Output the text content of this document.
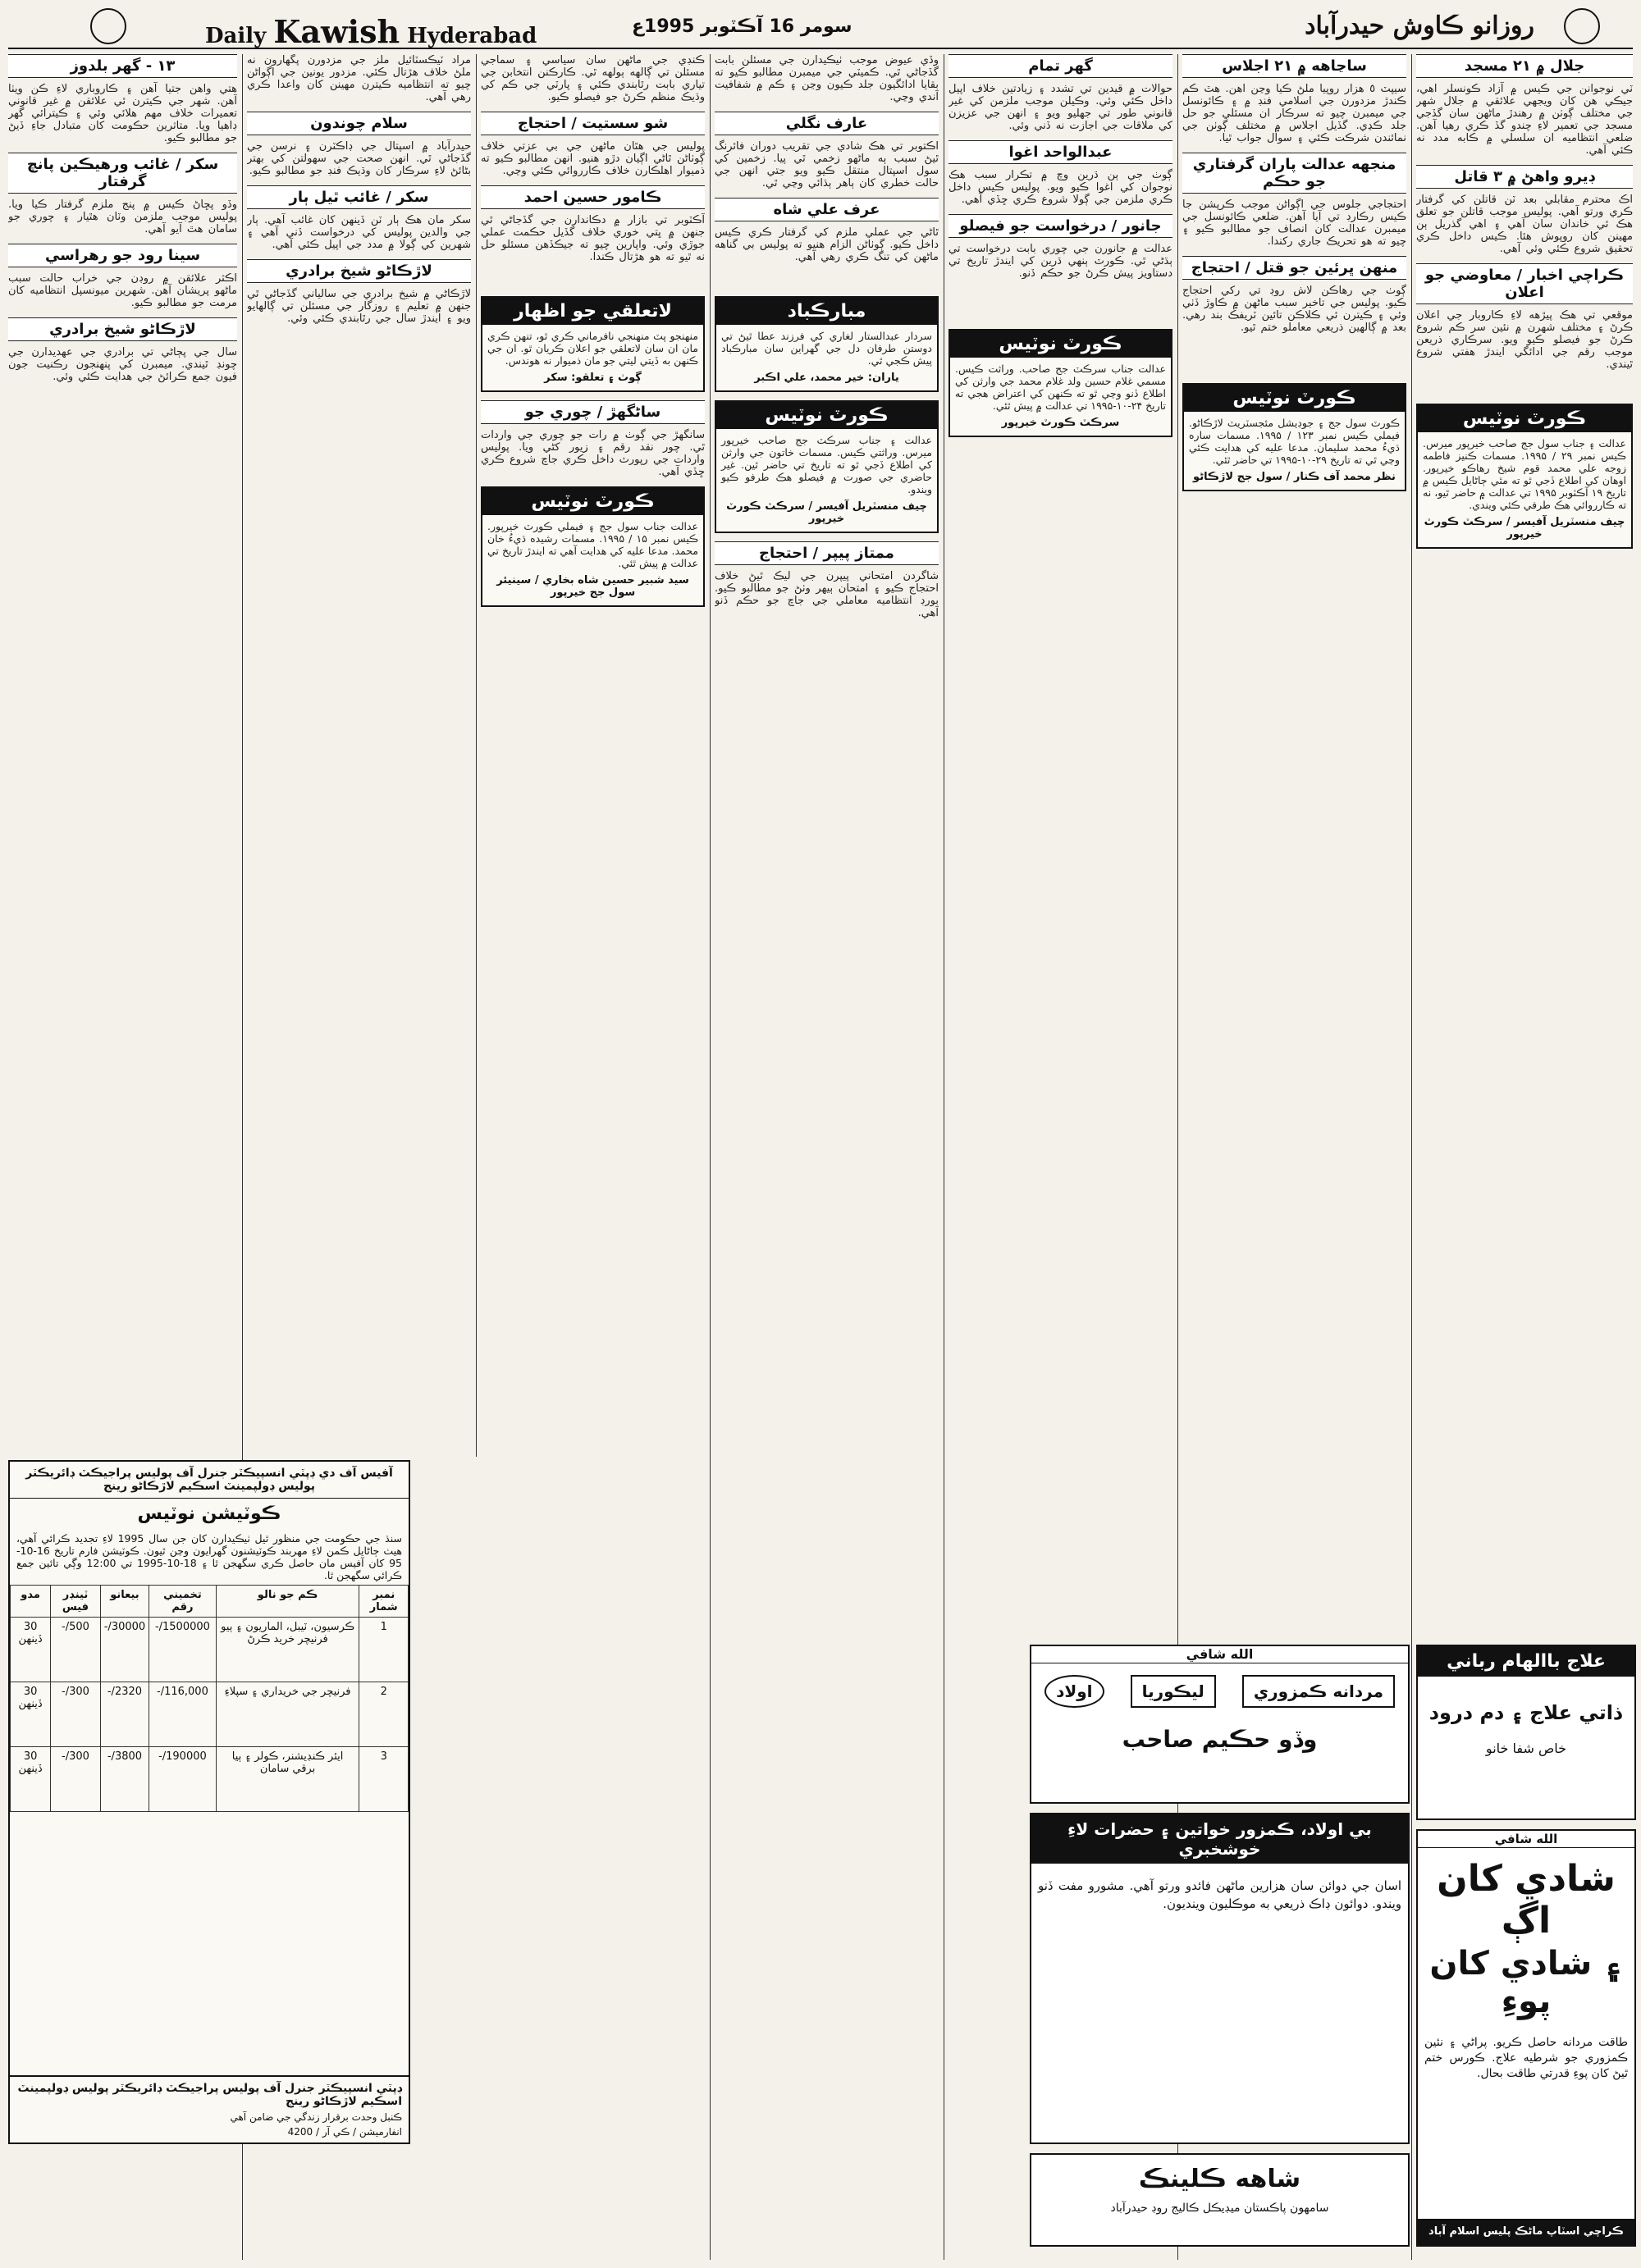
Daily Kawish Hyderabad	سومر 16 آڪٽوبر 1995ع	روزانو ڪاوش حيدرآباد
جلال ۾ ۲۱ مسجد

ٽي نوجوانن جي ڪيس ۾ آزاد ڪونسلر اهي، جيڪي هن کان ويجهي علائقي ۾ جلال شهر جي مختلف ڳوٺن ۾ رهندڙ ماڻهن سان گڏجي مسجد جي تعمير لاءِ چندو گڏ ڪري رهيا آهن. ضلعي انتظاميه ان سلسلي ۾ ڪابه مدد نه ڪئي آهي.

ڊيرو واهڻ ۾ ۳ قاتل

اڪ محترم مقابلي بعد ٽن قاتلن کي گرفتار ڪري ورتو آهي. پوليس موجب قاتلن جو تعلق هڪ ئي خاندان سان آهي ۽ اهي گذريل ٻن مهينن کان روپوش هئا. ڪيس داخل ڪري تحقيق شروع ڪئي وئي آهي.

ڪراچي اخبار / معاوضي جو اعلان

موقعي تي هڪ پيڙهه لاءِ ڪاروبار جي اعلان ڪرڻ ۽ مختلف شهرن ۾ نئين سر ڪم شروع ڪرڻ جو فيصلو ڪيو ويو. سرڪاري ذريعن موجب رقم جي ادائگي ايندڙ هفتي شروع ٿيندي.

ڪورٽ نوٽيس

عدالت ۽ جناب سول جج صاحب خيرپور ميرس. ڪيس نمبر ۲۹ / ۱۹۹۵. مسمات ڪنيز فاطمه زوجه علي محمد قوم شيخ رهاڪو خيرپور. اوهان کي اطلاع ڏجي ٿو ته مٿي ڄاڻايل ڪيس ۾ تاريخ ۱۹ آڪٽوبر ۱۹۹۵ تي عدالت ۾ حاضر ٿيو، نه ته ڪارروائي هڪ طرفي ڪئي ويندي.

چيف منسٽريل آفيسر / سرڪٽ ڪورٽ خيرپور
علاج باالهام رباني
ذاتي علاج ۽ دم درود
خاص شفا خانو
الله شافي
شادي کان اڳ
۽ شادي کان پوءِ
طاقت مردانه حاصل ڪريو. پراڻي ۽ نئين ڪمزوري جو شرطيه علاج. ڪورس ختم ٿيڻ کان پوءِ قدرتي طاقت بحال.
ڪراچي اسٽاپ ماڻڪ پليس اسلام آباد
ساڃاهه ۾ ۲۱ اجلاس

سيپٽ ٥ هزار روپيا ملڻ ڪيا وڃن اهن. هٿ ڪم ڪندڙ مزدورن جي اسلامي فنڊ ۾ ۽ ڪائونسل جي ميمبرن چيو ته سرڪار ان مسئلي جو حل جلد ڪڍي. گڏيل اجلاس ۾ مختلف ڳوٺن جي نمائندن شرڪت ڪئي ۽ سوال جواب ٿيا.

منجهه عدالت پاران گرفتاري جو حڪم

احتجاجي جلوس جي اڳواڻن موجب ڪرپشن جا ڪيس رڪارڊ تي آيا آهن. ضلعي ڪائونسل جي ميمبرن عدالت کان انصاف جو مطالبو ڪيو ۽ چيو ته هو تحريڪ جاري رکندا.

منهن ڀرئين جو قتل / احتجاج

ڳوٺ جي رهاڪن لاش روڊ تي رکي احتجاج ڪيو. پوليس جي تاخير سبب ماڻهن ۾ ڪاوڙ ڏٺي وئي ۽ ڪيترن ئي ڪلاڪن تائين ٽريفڪ بند رهي. بعد ۾ ڳالهين ذريعي معاملو ختم ٿيو.

ڪورٽ نوٽيس

ڪورٽ سول جج ۽ جوڊيشل مئجسٽريٽ لاڙڪاڻو. فيملي ڪيس نمبر ۱۲۳ / ۱۹۹۵. مسمات ساره ڌيءُ محمد سليمان. مدعا عليه کي هدايت ڪئي وڃي ٿي ته تاريخ ۲۹-۱۰-۱۹۹۵ تي حاضر ٿئي.

نظر محمد آف ڪنار / سول جج لاڙڪاڻو
الله شافي
مردانه ڪمزوري
ليڪوريا
اولاد
وڏو حڪيم صاحب
بي اولاد، ڪمزور خواتين ۽ حضرات لاءِ خوشخبري
اسان جي دوائن سان هزارين ماڻهن فائدو ورتو آهي. مشورو مفت ڏنو ويندو. دوائون ڊاڪ ذريعي به موڪليون وينديون.
شاهه ڪلينڪ
سامهون پاڪستان ميڊيڪل ڪاليج روڊ حيدرآباد
گهر تمام

حوالات ۾ قيدين تي تشدد ۽ زيادتين خلاف اپيل داخل ڪئي وئي. وڪيلن موجب ملزمن کي غير قانوني طور تي جهليو ويو ۽ انهن جي عزيزن کي ملاقات جي اجازت نه ڏني وئي.

عبدالواحد اغوا

ڳوٺ جي ٻن ڌرين وچ ۾ تڪرار سبب هڪ نوجوان کي اغوا ڪيو ويو. پوليس ڪيس داخل ڪري ملزمن جي ڳولا شروع ڪري ڇڏي آهي.

جانور / درخواست جو فيصلو

عدالت ۾ جانورن جي چوري بابت درخواست تي ٻڌڻي ٿي. ڪورٽ ٻنهي ڌرين کي ايندڙ تاريخ تي دستاويز پيش ڪرڻ جو حڪم ڏنو.

ڪورٽ نوٽيس

عدالت جناب سرڪٽ جج صاحب. وراثت ڪيس. مسمي غلام حسين ولد غلام محمد جي وارثن کي اطلاع ڏنو وڃي ٿو ته ڪنهن کي اعتراض هجي ته تاريخ ۲۴-۱۰-۱۹۹۵ تي عدالت ۾ پيش ٿئي.

سرڪٽ ڪورٽ خيرپور

وڏي عيوض موجب ٺيڪيدارن جي مسئلن بابت گڏجاڻي ٿي. ڪميٽي جي ميمبرن مطالبو ڪيو ته بقايا ادائگيون جلد ڪيون وڃن ۽ ڪم ۾ شفافيت آندي وڃي.

عارف نگلي

اڪتوبر تي هڪ شادي جي تقريب دوران فائرنگ ٿيڻ سبب ٻه ماڻهو زخمي ٿي پيا. زخمين کي سول اسپتال منتقل ڪيو ويو جتي انهن جي حالت خطري کان ٻاهر ٻڌائي وڃي ٿي.

عرف علي شاه

ٿاڻي جي عملي ملزم کي گرفتار ڪري ڪيس داخل ڪيو. ڳوٺاڻن الزام هنيو ته پوليس بي گناهه ماڻهن کي تنگ ڪري رهي آهي.

مبارڪباد

سردار عبدالستار لغاري کي فرزند عطا ٿيڻ تي دوستن طرفان دل جي گهراين سان مبارڪباد پيش ڪجي ٿي.

ياران: خير محمد، علي اڪبر
ڪورٽ نوٽيس

عدالت ۽ جناب سرڪٽ جج صاحب خيرپور ميرس. وراثتي ڪيس. مسمات خاتون جي وارثن کي اطلاع ڏجي ٿو ته تاريخ تي حاضر ٿين. غير حاضري جي صورت ۾ فيصلو هڪ طرفو ڪيو ويندو.

چيف منسٽريل آفيسر / سرڪٽ ڪورٽ خيرپور
ممتاز پيپر / احتجاج

شاگردن امتحاني پيپرن جي ليڪ ٿيڻ خلاف احتجاج ڪيو ۽ امتحان ٻيهر وٺڻ جو مطالبو ڪيو. بورڊ انتظاميه معاملي جي جاچ جو حڪم ڏنو آهي.

ڪنڊي جي ماڻهن سان سياسي ۽ سماجي مسئلن تي ڳالهه ٻولهه ٿي. ڪارڪنن انتخابن جي تياري بابت رٿابندي ڪئي ۽ پارٽي جي ڪم کي وڌيڪ منظم ڪرڻ جو فيصلو ڪيو.

شو سستيت / احتجاج

پوليس جي هٿان ماڻهن جي بي عزتي خلاف ڳوٺاڻن ٿاڻي اڳيان دڙو هنيو. انهن مطالبو ڪيو ته ذميوار اهلڪارن خلاف ڪارروائي ڪئي وڃي.

ڪامور حسين احمد

آڪٽوبر تي بازار ۾ دڪاندارن جي گڏجاڻي ٿي جنهن ۾ ڀتي خوري خلاف گڏيل حڪمت عملي جوڙي وئي. واپارين چيو ته جيڪڏهن مسئلو حل نه ٿيو ته هو هڙتال ڪندا.

لاتعلقي جو اظهار

منهنجو پٽ منهنجي نافرماني ڪري ٿو، تنهن ڪري مان ان سان لاتعلقي جو اعلان ڪريان ٿو. ان جي ڪنهن به ڏيتي ليتي جو مان ذميوار نه هوندس.

ڳوٺ ۽ تعلقو: سکر
ساڻگهڙ / چوري جو

سانگهڙ جي ڳوٺ ۾ رات جو چوري جي واردات ٿي. چور نقد رقم ۽ زيور کڻي ويا. پوليس واردات جي رپورٽ داخل ڪري جاچ شروع ڪري ڇڏي آهي.

ڪورٽ نوٽيس

عدالت جناب سول جج ۽ فيملي ڪورٽ خيرپور. ڪيس نمبر ۱۵ / ۱۹۹۵. مسمات رشيده ڌيءُ خان محمد. مدعا عليه کي هدايت آهي ته ايندڙ تاريخ تي عدالت ۾ پيش ٿئي.

سيد شبير حسين شاه بخاري / سينيئر سول جج خيرپور

مراد ٽيڪسٽائيل ملز جي مزدورن پگهارون نه ملڻ خلاف هڙتال ڪئي. مزدور يونين جي اڳواڻن چيو ته انتظاميه ڪيترن مهينن کان واعدا ڪري رهي آهي.

سلام چوندون

حيدرآباد ۾ اسپتال جي ڊاڪٽرن ۽ نرسن جي گڏجاڻي ٿي. انهن صحت جي سهولتن کي بهتر بڻائڻ لاءِ سرڪار کان وڌيڪ فنڊ جو مطالبو ڪيو.

سکر / غائب ٿيل ٻار

سکر مان هڪ ٻار ٽن ڏينهن کان غائب آهي. ٻار جي والدين پوليس کي درخواست ڏني آهي ۽ شهرين کي ڳولا ۾ مدد جي اپيل ڪئي آهي.

لاڙڪاڻو شيخ برادري

لاڙڪاڻي ۾ شيخ برادري جي سالياني گڏجاڻي ٿي جنهن ۾ تعليم ۽ روزگار جي مسئلن تي ڳالهايو ويو ۽ ايندڙ سال جي رٿابندي ڪئي وئي.

۱۳ - گهر بلدوز

هتي واهن جتيا آهن ۽ ڪاروباري لاءِ ڪن ويٺا آهن. شهر جي ڪيترن ئي علائقن ۾ غير قانوني تعميرات خلاف مهم هلائي وئي ۽ ڪيترائي گهر ڊاهيا ويا. متاثرين حڪومت کان متبادل جاءِ ڏيڻ جو مطالبو ڪيو.

سکر / غائب ورهيڪين پانچ گرفتار

وڏو پڇاڻ ڪيس ۾ پنج ملزم گرفتار ڪيا ويا. پوليس موجب ملزمن وٽان هٿيار ۽ چوري جو سامان هٿ آيو آهي.

سينا رود جو رهراسي

اڪثر علائقن ۾ روڊن جي خراب حالت سبب ماڻهو پريشان آهن. شهرين ميونسپل انتظاميه کان مرمت جو مطالبو ڪيو.

لاڙڪاڻو شيخ برادري

سال جي پڄاڻي تي برادري جي عهديدارن جي چونڊ ٿيندي. ميمبرن کي پنهنجون رڪنيت جون فيون جمع ڪرائڻ جي هدايت ڪئي وئي.

آفيس آف دي ڊپٽي انسپيڪٽر جنرل آف پوليس پراجيڪٽ ڊائريڪٽر پوليس ڊولپمينٽ اسڪيم لاڙڪاڻو رينج
ڪوٽيشن نوٽيس
سنڌ جي حڪومت جي منظور ٿيل ٺيڪيدارن کان جن سال 1995 لاءِ تجديد ڪرائي آهي، هيٺ ڄاڻايل ڪمن لاءِ مهربند ڪوٽيشنون گهرايون وڃن ٿيون. ڪوٽيشن فارم تاريخ 16-10-95 کان آفيس مان حاصل ڪري سگهجن ٿا ۽ 18-10-1995 تي 12:00 وڳي تائين جمع ڪرائي سگهجن ٿا.
نمبر شمار	ڪم جو نالو	تخميني رقم	بيعانو	ٽينڊر فيس	مدو
1	ڪرسيون، ٽيبل، الماريون ۽ ٻيو فرنيچر خريد ڪرڻ	1500000/-	30000/-	500/-	30 ڏينهن
2	فرنيچر جي خريداري ۽ سپلاءِ	116,000/-	2320/-	300/-	30 ڏينهن
3	ايئر ڪنڊيشنر، ڪولر ۽ ٻيا برقي سامان	190000/-	3800/-	300/-	30 ڏينهن
ڊپٽي انسپيڪٽر جنرل آف پوليس پراجيڪٽ ڊائريڪٽر پوليس ڊولپمينٽ اسڪيم لاڙڪاڻو رينج
ڪنبل وحدت برقرار زندگي جي ضامن آهي
انفارميشن / ڪي آر / 4200
